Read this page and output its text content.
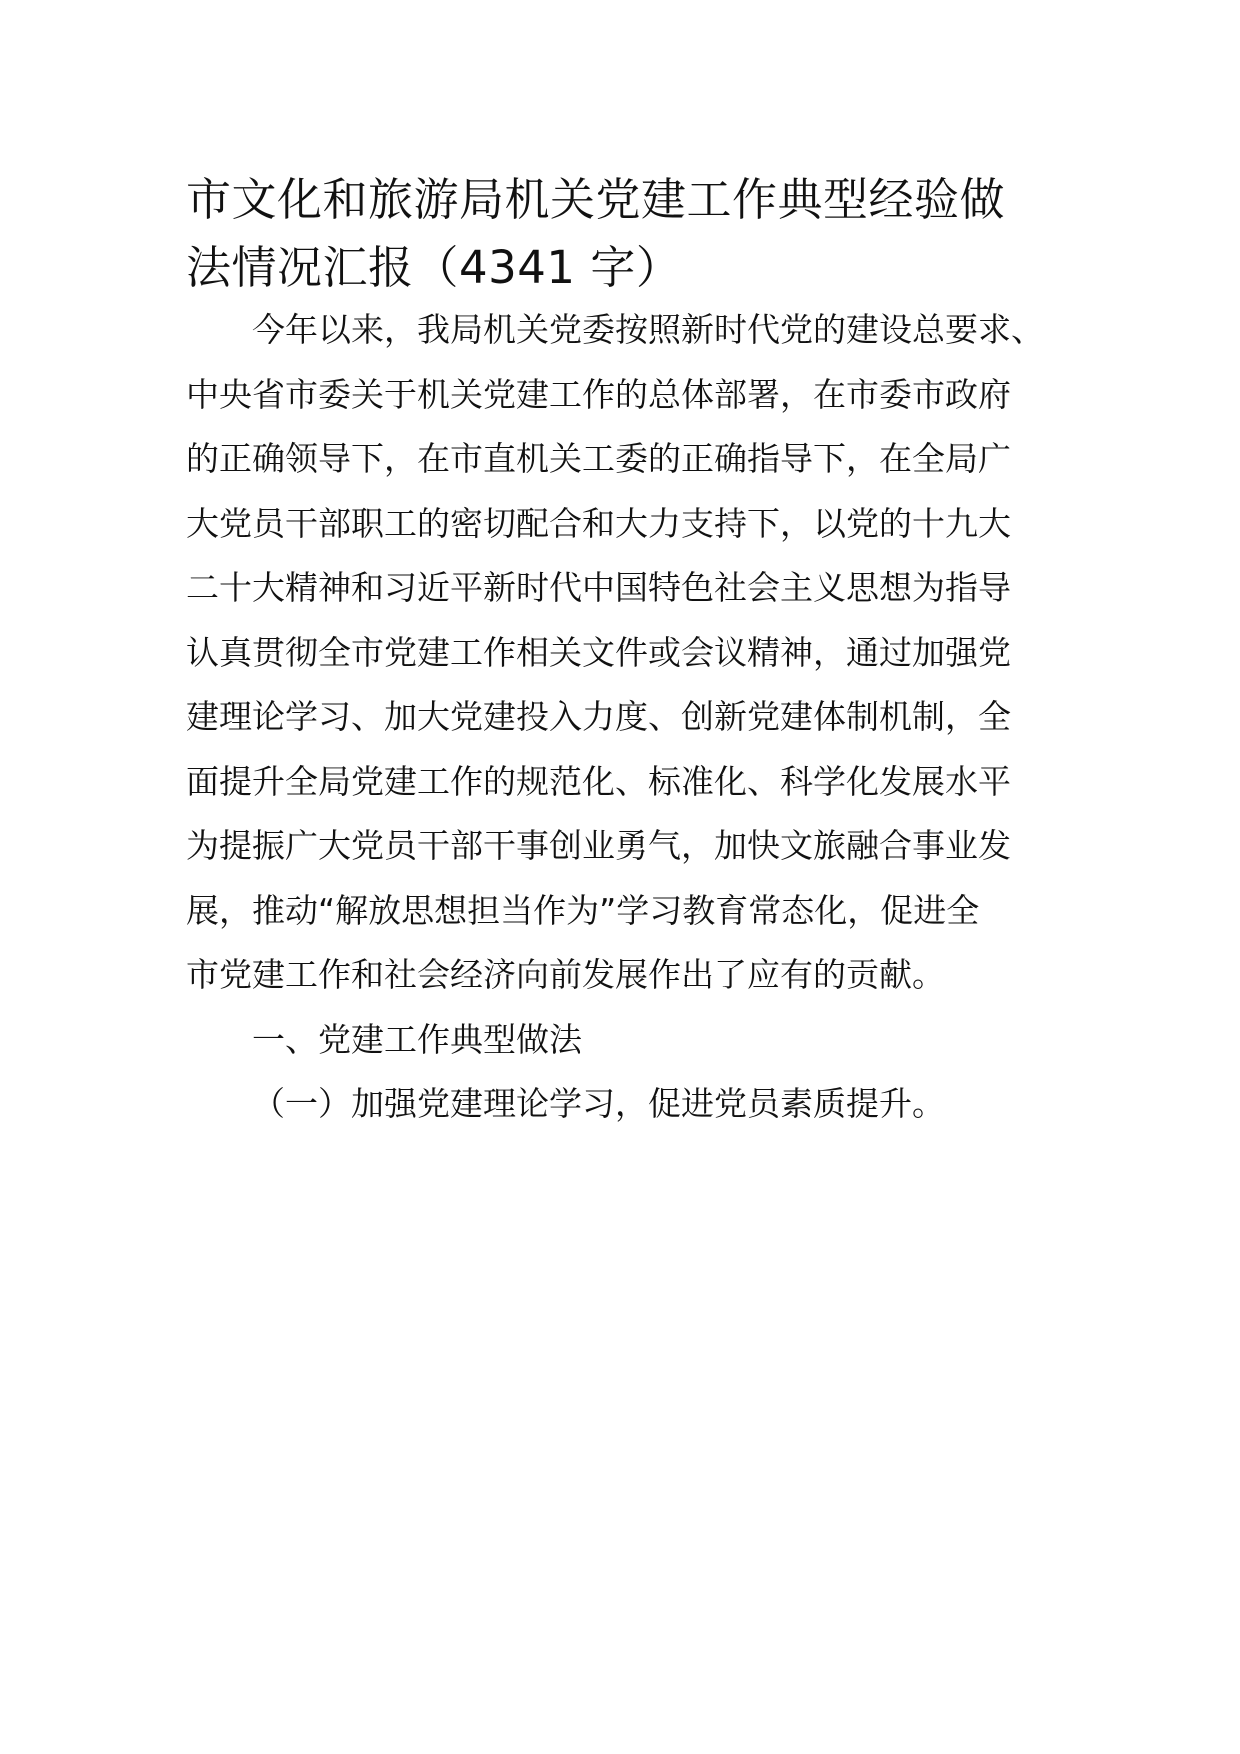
市文化和旅游局机关党建工作典型经验做
法情况汇报（4341 字）
今年以来，我局机关党委按照新时代党的建设总要求、
中央省市委关于机关党建工作的总体部署，在市委市政府
的正确领导下，在市直机关工委的正确指导下，在全局广
大党员干部职工的密切配合和大力支持下，以党的十九大
二十大精神和习近平新时代中国特色社会主义思想为指导
认真贯彻全市党建工作相关文件或会议精神，通过加强党
建理论学习、加大党建投入力度、创新党建体制机制，全
面提升全局党建工作的规范化、标准化、科学化发展水平
为提振广大党员干部干事创业勇气，加快文旅融合事业发
展，推动“解放思想担当作为”学习教育常态化，促进全
市党建工作和社会经济向前发展作出了应有的贡献。
一、党建工作典型做法
（一）加强党建理论学习，促进党员素质提升。
